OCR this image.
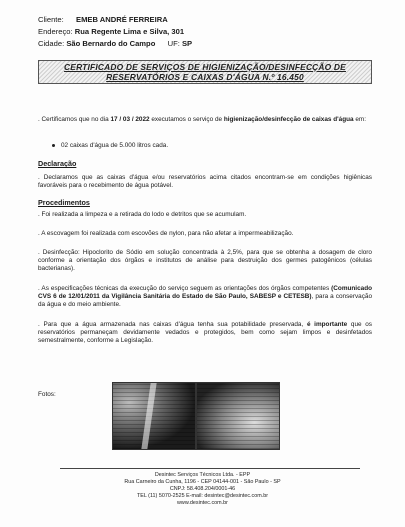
Cliente: EMEB ANDRÉ FERREIRA
Endereço: Rua Regente Lima e Silva, 301
Cidade: São Bernardo do Campo UF: SP
CERTIFICADO DE SERVIÇOS DE HIGIENIZAÇÃO/DESINFECÇÃO DE
RESERVATÓRIOS E CAIXAS D'ÁGUA N.º 16.450
. Certificamos que no dia 17 / 03 / 2022 executamos o serviço de higienização/desinfecção de caixas d'água em:
02 caixas d'água de 5.000 litros cada.
Declaração
. Declaramos que as caixas d'água e/ou reservatórios acima citados encontram-se em condições higiênicas favoráveis para o recebimento de água potável.
Procedimentos
. Foi realizada a limpeza e a retirada do lodo e detritos que se acumulam.
. A escovagem foi realizada com escovões de nylon, para não afetar a impermeabilização.
. Desinfecção: Hipoclorito de Sódio em solução concentrada à 2,5%, para que se obtenha a dosagem de cloro conforme a orientação dos órgãos e institutos de análise para destruição dos germes patogênicos (células bacterianas).
. As especificações técnicas da execução do serviço seguem as orientações dos órgãos competentes (Comunicado CVS 6 de 12/01/2011 da Vigilância Sanitária do Estado de São Paulo, SABESP e CETESB), para a conservação da água e do meio ambiente.
. Para que a água armazenada nas caixas d'água tenha sua potabilidade preservada, é importante que os reservatórios permaneçam devidamente vedados e protegidos, bem como sejam limpos e desinfetados semestralmente, conforme a Legislação.
Fotos:
Desintec Serviços Técnicos Ltda. - EPP
Rua Carneiro da Cunha, 1196 - CEP 04144-001 - São Paulo - SP
CNPJ: 58.408.204/0001-46
TEL (11) 5070-2525 E-mail: desintec@desintec.com.br
www.desintec.com.br
